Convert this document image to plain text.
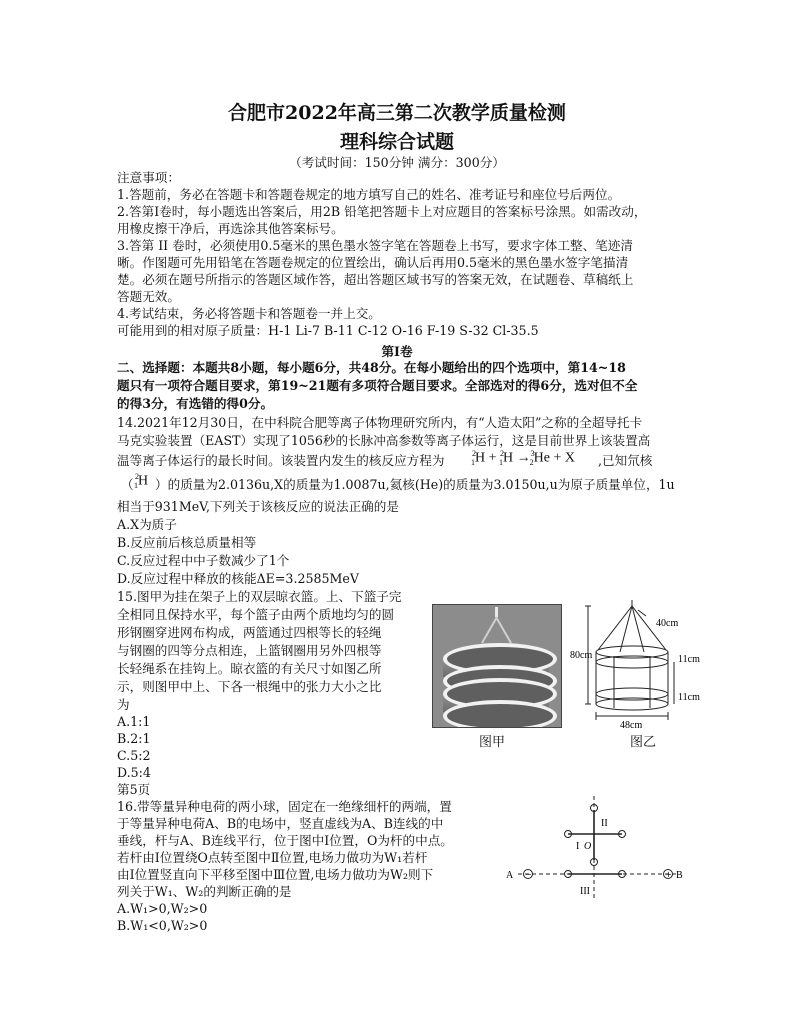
合肥市2022年高三第二次教学质量检测
理科综合试题
（考试时间：150分钟 满分：300分）
注意事项：
1.答题前，务必在答题卡和答题卷规定的地方填写自己的姓名、准考证号和座位号后两位。
2.答第Ⅰ卷时，每小题选出答案后，用2B 铅笔把答题卡上对应题目的答案标号涂黑。如需改动，
用橡皮擦干净后，再选涂其他答案标号。
3.答第 II 卷时，必须使用0.5毫米的黑色墨水签字笔在答题卷上书写，要求字体工整、笔迹清
晰。作图题可先用铅笔在答题卷规定的位置绘出，确认后再用0.5毫米的黑色墨水签字笔描清
楚。必须在题号所指示的答题区域作答，超出答题区域书写的答案无效，在试题卷、草稿纸上
答题无效。
4.考试结束，务必将答题卡和答题卷一并上交。
可能用到的相对原子质量：H-1 Li-7 B-11 C-12 O-16 F-19 S-32 Cl-35.5
第Ⅰ卷
二、选择题：本题共8小题，每小题6分，共48分。在每小题给出的四个选项中，第14~18
题只有一项符合题目要求，第19~21题有多项符合题目要求。全部选对的得6分，选对但不全
的得3分，有选错的得0分。
14.2021年12月30日，在中科院合肥等离子体物理研究所内，有“人造太阳”之称的全超导托卡
马克实验装置（EAST）实现了1056秒的长脉冲高参数等离子体运行，这是目前世界上该装置高
温等离子体运行的最长时间。该装置内发生的核反应方程为	$^2_1$H + $^2_1$H →$^3_2$He + X ,已知氘核
（
$^2_1$H ）的质量为2.0136u,X的质量为1.0087u,氦核(He)的质量为3.0150u,u为原子质量单位，1u
相当于931MeV,下列关于该核反应的说法正确的是
A.X为质子
B.反应前后核总质量相等
C.反应过程中中子数减少了1个
D.反应过程中释放的核能ΔE=3.2585MeV
15.图甲为挂在架子上的双层晾衣篮。上、下篮子完
全相同且保持水平，每个篮子由两个质地均匀的圆
形钢圈穿进网布构成，两篮通过四根等长的轻绳
与钢圈的四等分点相连，上篮钢圈用另外四根等
长轻绳系在挂钩上。晾衣篮的有关尺寸如图乙所
示，则图甲中上、下各一根绳中的张力大小之比
为
A.1:1
B.2:1
C.5:2
D.5:4
第5页
图甲
40cm
80cm	11cm
11cm
48cm
图乙
16.带等量异种电荷的两小球，固定在一绝缘细杆的两端，置
于等量异种电荷A、B的电场中，竖直虚线为A、B连线的中
垂线，杆与A、B连线平行，位于图中Ⅰ位置，O为杆的中点。
若杆由Ⅰ位置绕O点转至图中Ⅱ位置,电场力做功为W₁若杆
由Ⅰ位置竖直向下平移至图中Ⅲ位置,电场力做功为W₂则下
列关于W₁、W₂的判断正确的是
A.W₁>0,W₂>0
B.W₁<0,W₂>0
II
I O
III
A	B
−	+
